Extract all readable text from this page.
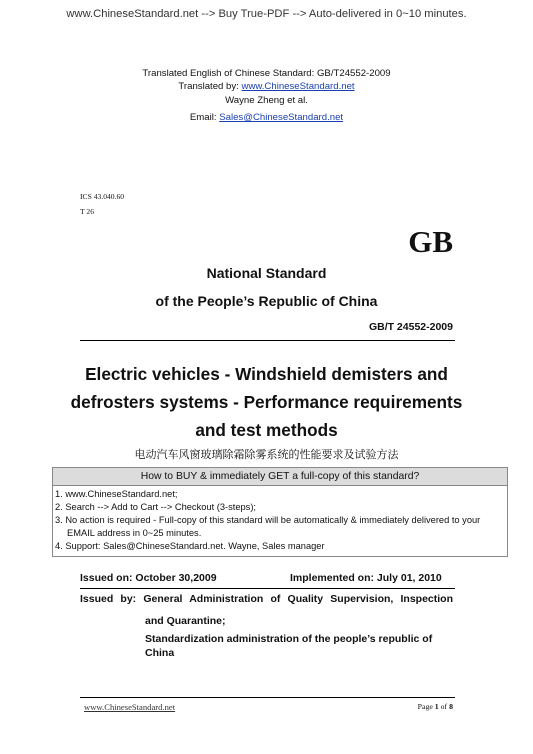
www.ChineseStandard.net --> Buy True-PDF --> Auto-delivered in 0~10 minutes.
Translated English of Chinese Standard: GB/T24552-2009
Translated by: www.ChineseStandard.net
Wayne Zheng et al.
Email: Sales@ChineseStandard.net
ICS 43.040.60
T 26
GB
National Standard
of the People’s Republic of China
GB/T 24552-2009
Electric vehicles - Windshield demisters and
defrosters systems - Performance requirements
and test methods
电动汽车风窗玻璃除霜除雾系统的性能要求及试验方法
How to BUY & immediately GET a full-copy of this standard?
1. www.ChineseStandard.net;
2. Search --> Add to Cart --> Checkout (3-steps);
3. No action is required - Full-copy of this standard will be automatically & immediately delivered to your EMAIL address in 0~25 minutes.
4. Support: Sales@ChineseStandard.net. Wayne, Sales manager
Issued on: October 30,2009	Implemented on: July 01, 2010
Issued by: General Administration of Quality Supervision, Inspection
and Quarantine;
Standardization administration of the people’s republic of China
www.ChineseStandard.net	Page 1 of 8
